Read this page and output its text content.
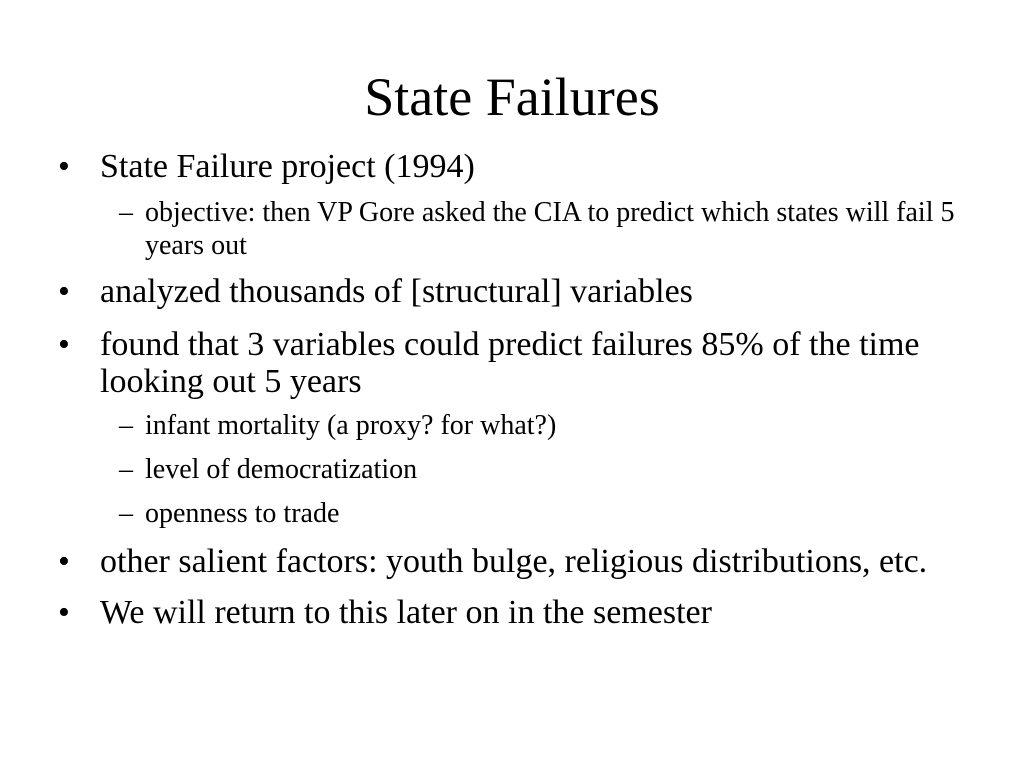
State Failures
• State Failure project (1994)
– objective: then VP Gore asked the CIA to predict which states will fail 5 years out
• analyzed thousands of [structural] variables
• found that 3 variables could predict failures 85% of the time looking out 5 years
– infant mortality (a proxy? for what?)
– level of democratization
– openness to trade
• other salient factors: youth bulge, religious distributions, etc.
• We will return to this later on in the semester
